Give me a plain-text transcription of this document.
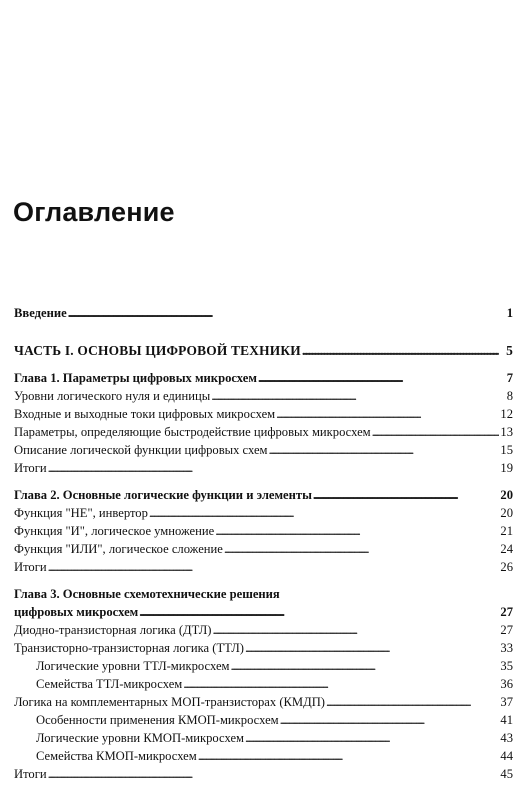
Оглавление
Введение . . .	1
ЧАСТЬ I. ОСНОВЫ ЦИФРОВОЙ ТЕХНИКИ . . .	5
Глава 1. Параметры цифровых микросхем . . .	7
Уровни логического нуля и единицы . . .	8
Входные и выходные токи цифровых микросхем . . .	12
Параметры, определяющие быстродействие цифровых микросхем . . .	13
Описание логической функции цифровых схем . . .	15
Итоги . . .	19
Глава 2. Основные логические функции и элементы . . .	20
Функция "НЕ", инвертор . . .	20
Функция "И", логическое умножение . . .	21
Функция "ИЛИ", логическое сложение . . .	24
Итоги . . .	26
Глава 3. Основные схемотехнические решения
цифровых микросхем . . .	27
Диодно-транзисторная логика (ДТЛ) . . .	27
Транзисторно-транзисторная логика (ТТЛ) . . .	33
Логические уровни ТТЛ-микросхем . . .	35
Семейства ТТЛ-микросхем . . .	36
Логика на комплементарных МОП-транзисторах (КМДП) . . .	37
Особенности применения КМОП-микросхем . . .	41
Логические уровни КМОП-микросхем . . .	43
Семейства КМОП-микросхем . . .	44
Итоги . . .	45
